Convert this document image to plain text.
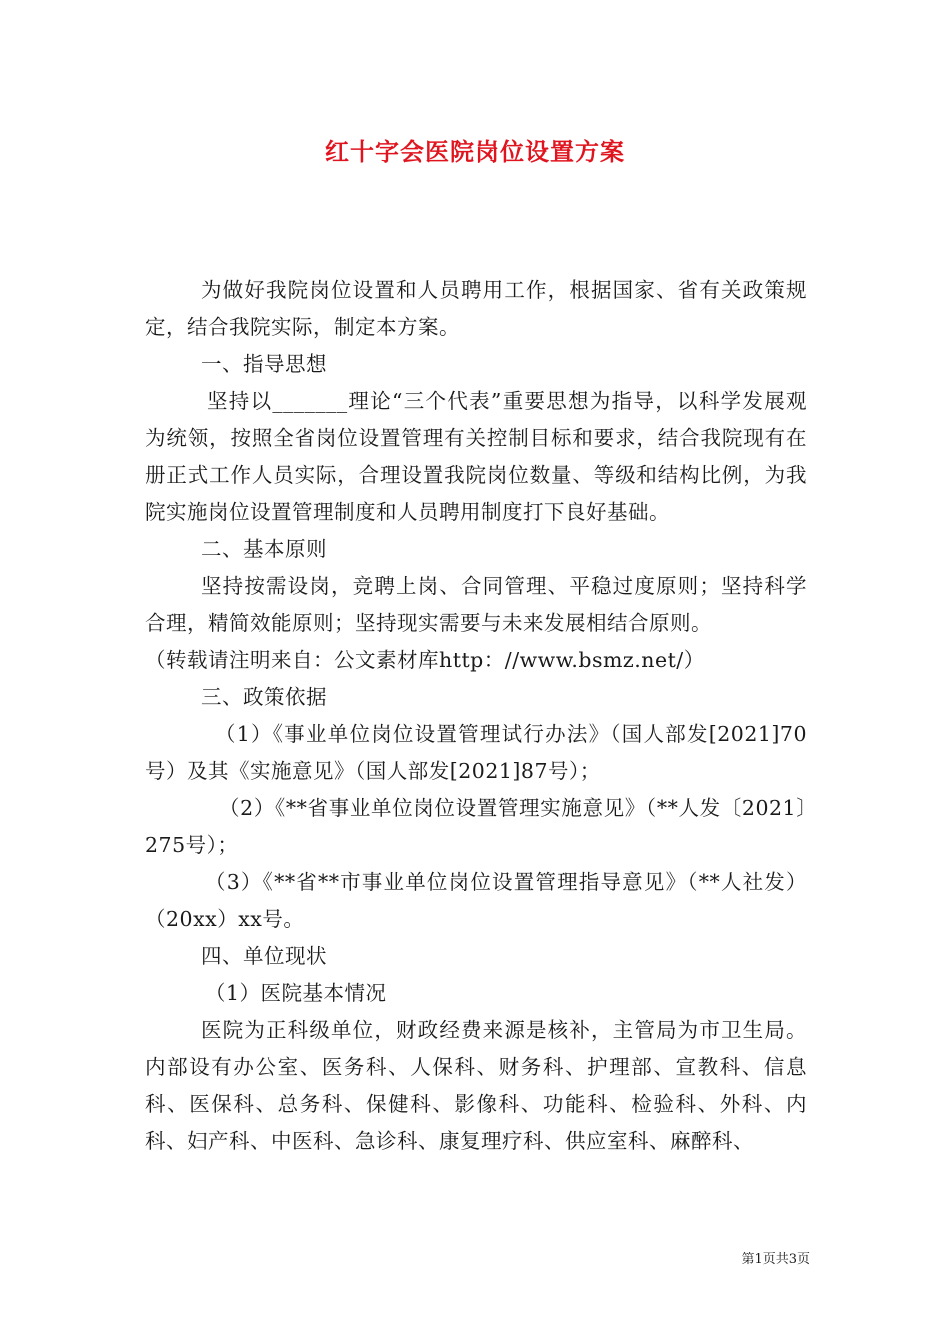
红十字会医院岗位设置方案

为做好我院岗位设置和人员聘用工作，根据国家、省有关政策规定，结合我院实际，制定本方案。

一、指导思想

坚持以_______理论“三个代表”重要思想为指导，以科学发展观为统领，按照全省岗位设置管理有关控制目标和要求，结合我院现有在册正式工作人员实际，合理设置我院岗位数量、等级和结构比例，为我院实施岗位设置管理制度和人员聘用制度打下良好基础。

二、基本原则

坚持按需设岗，竞聘上岗、合同管理、平稳过度原则；坚持科学合理，精简效能原则；坚持现实需要与未来发展相结合原则。

（转载请注明来自：公文素材库http：//www.bsmz.net/）

三、政策依据

（1）《事业单位岗位设置管理试行办法》（国人部发[2021]70号）及其《实施意见》（国人部发[2021]87号）；

（2）《**省事业单位岗位设置管理实施意见》（**人发〔2021〕275号）；

（3）《**省**市事业单位岗位设置管理指导意见》（**人社发）（20xx）xx号。

四、单位现状

（1）医院基本情况

医院为正科级单位，财政经费来源是核补，主管局为市卫生局。内部设有办公室、医务科、人保科、财务科、护理部、宣教科、信息科、医保科、总务科、保健科、影像科、功能科、检验科、外科、内科、妇产科、中医科、急诊科、康复理疗科、供应室科、麻醉科、

第1页共3页
